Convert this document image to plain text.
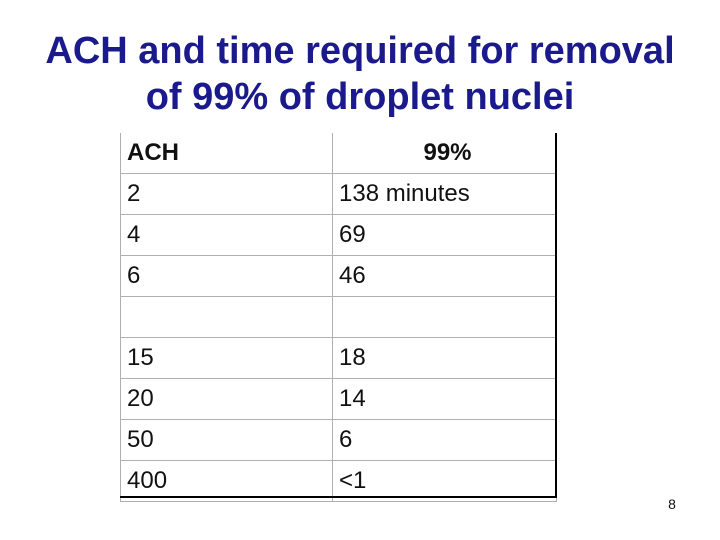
ACH and time required for removal
of 99% of droplet nuclei
ACH	99%
2	138 minutes
4	69
6	46

15	18
20	14
50	6
400	<1
8
